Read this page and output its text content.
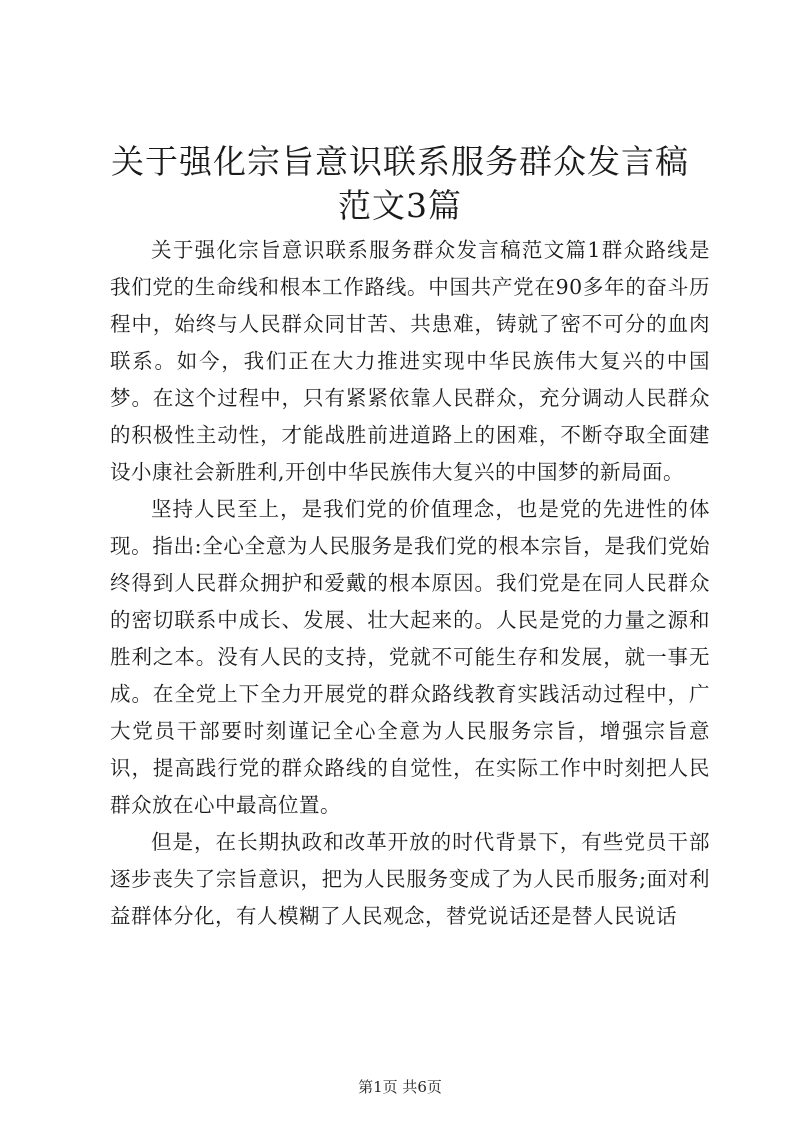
关于强化宗旨意识联系服务群众发言稿范文3篇

关于强化宗旨意识联系服务群众发言稿范文篇1群众路线是我们党的生命线和根本工作路线。中国共产党在90多年的奋斗历程中，始终与人民群众同甘苦、共患难，铸就了密不可分的血肉联系。如今，我们正在大力推进实现中华民族伟大复兴的中国梦。在这个过程中，只有紧紧依靠人民群众，充分调动人民群众的积极性主动性，才能战胜前进道路上的困难，不断夺取全面建设小康社会新胜利,开创中华民族伟大复兴的中国梦的新局面。

坚持人民至上，是我们党的价值理念，也是党的先进性的体现。指出:全心全意为人民服务是我们党的根本宗旨，是我们党始终得到人民群众拥护和爱戴的根本原因。我们党是在同人民群众的密切联系中成长、发展、壮大起来的。人民是党的力量之源和胜利之本。没有人民的支持，党就不可能生存和发展，就一事无成。在全党上下全力开展党的群众路线教育实践活动过程中，广大党员干部要时刻谨记全心全意为人民服务宗旨，增强宗旨意识，提高践行党的群众路线的自觉性，在实际工作中时刻把人民群众放在心中最高位置。

但是，在长期执政和改革开放的时代背景下，有些党员干部逐步丧失了宗旨意识，把为人民服务变成了为人民币服务;面对利益群体分化，有人模糊了人民观念，替党说话还是替人民说话

第1页 共6页
